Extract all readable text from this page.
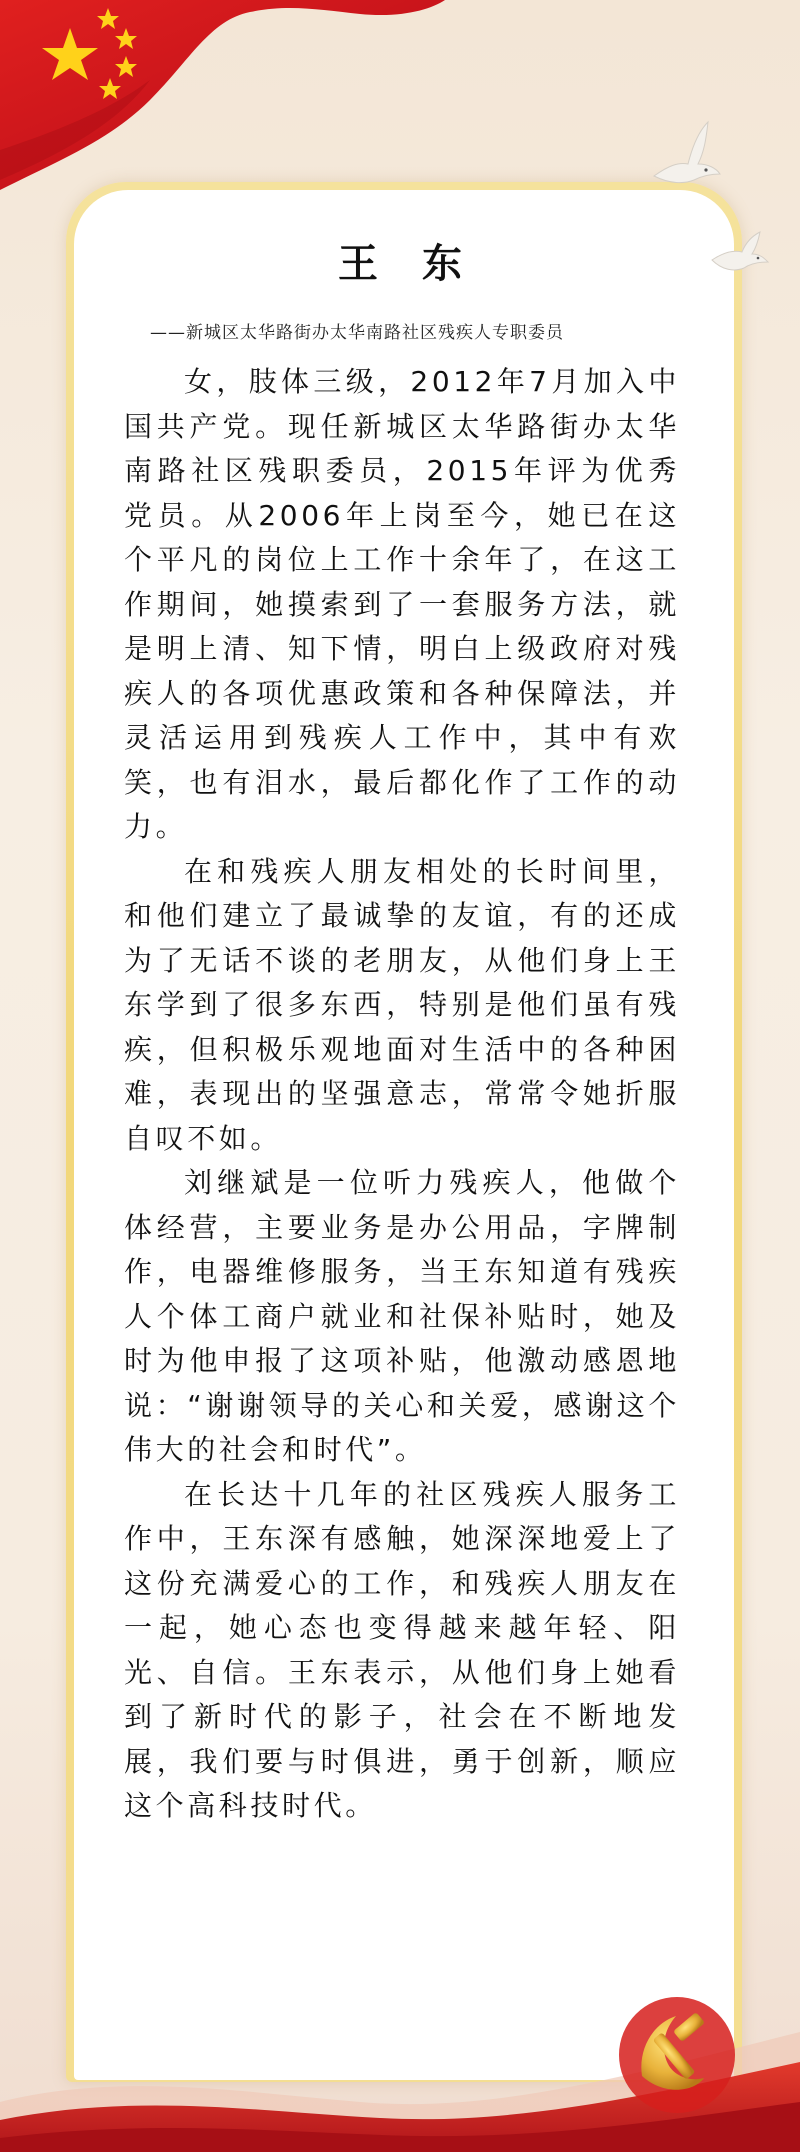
王东
——新城区太华路街办太华南路社区残疾人专职委员

女，肢体三级，2012年7月加入中国共产党。现任新城区太华路街办太华南路社区残职委员，2015年评为优秀党员。从2006年上岗至今，她已在这个平凡的岗位上工作十余年了，在这工作期间，她摸索到了一套服务方法，就是明上清、知下情，明白上级政府对残疾人的各项优惠政策和各种保障法，并灵活运用到残疾人工作中，其中有欢笑，也有泪水，最后都化作了工作的动力。

在和残疾人朋友相处的长时间里，和他们建立了最诚挚的友谊，有的还成为了无话不谈的老朋友，从他们身上王东学到了很多东西，特别是他们虽有残疾，但积极乐观地面对生活中的各种困难，表现出的坚强意志，常常令她折服自叹不如。

刘继斌是一位听力残疾人，他做个体经营，主要业务是办公用品，字牌制作，电器维修服务，当王东知道有残疾人个体工商户就业和社保补贴时，她及时为他申报了这项补贴，他激动感恩地说：“谢谢领导的关心和关爱，感谢这个伟大的社会和时代”。

在长达十几年的社区残疾人服务工作中，王东深有感触，她深深地爱上了这份充满爱心的工作，和残疾人朋友在一起，她心态也变得越来越年轻、阳光、自信。王东表示，从他们身上她看到了新时代的影子，社会在不断地发展，我们要与时俱进，勇于创新，顺应这个高科技时代。
